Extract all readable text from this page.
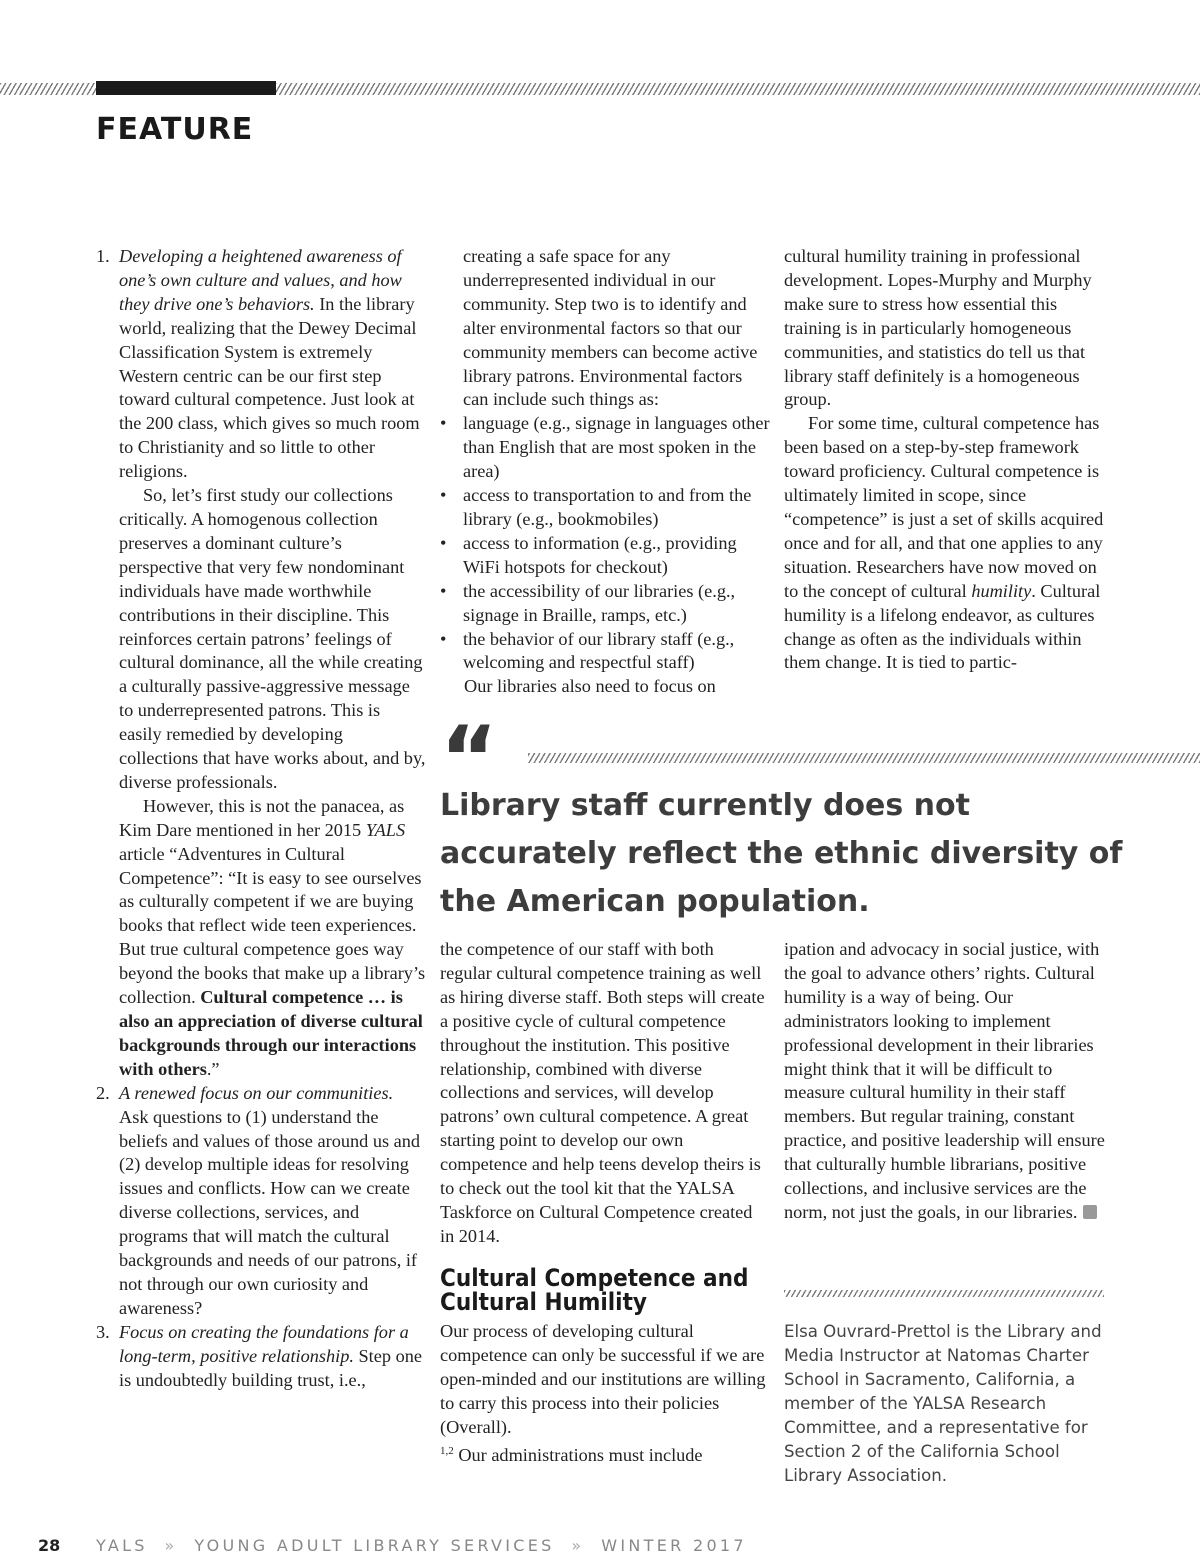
FEATURE
1. Developing a heightened awareness of one’s own culture and values, and how they drive one’s behaviors. In the library world, realizing that the Dewey Decimal Classification System is extremely Western centric can be our first step toward cultural competence. Just look at the 200 class, which gives so much room to Christianity and so little to other religions.

So, let’s first study our collections critically. A homogenous collection preserves a dominant culture’s perspective that very few nondominant individuals have made worthwhile contributions in their discipline. This reinforces certain patrons’ feelings of cultural dominance, all the while creating a culturally passive-aggressive message to underrepresented patrons. This is easily remedied by developing collections that have works about, and by, diverse professionals.

However, this is not the panacea, as Kim Dare mentioned in her 2015 YALS article “Adventures in Cultural Competence”: “It is easy to see ourselves as culturally competent if we are buying books that reflect wide teen experiences. But true cultural competence goes way beyond the books that make up a library’s collection. Cultural competence … is also an appreciation of diverse cultural backgrounds through our interactions with others.”

2. A renewed focus on our communities. Ask questions to (1) understand the beliefs and values of those around us and (2) develop multiple ideas for resolving issues and conflicts. How can we create diverse collections, services, and programs that will match the cultural backgrounds and needs of our patrons, if not through our own curiosity and awareness?
3. Focus on creating the foundations for a long-term, positive relationship. Step one is undoubtedly building trust, i.e.,

creating a safe space for any underrepresented individual in our community. Step two is to identify and alter environmental factors so that our community members can become active library patrons. Environmental factors can include such things as:

• language (e.g., signage in languages other than English that are most spoken in the area)
• access to transportation to and from the library (e.g., bookmobiles)
• access to information (e.g., providing WiFi hotspots for checkout)
• the accessibility of our libraries (e.g., signage in Braille, ramps, etc.)
• the behavior of our library staff (e.g., welcoming and respectful staff)

Our libraries also need to focus on

cultural humility training in professional development. Lopes-Murphy and Murphy make sure to stress how essential this training is in particularly homogeneous communities, and statistics do tell us that library staff definitely is a homogeneous group.

For some time, cultural competence has been based on a step-by-step framework toward proficiency. Cultural competence is ultimately limited in scope, since “competence” is just a set of skills acquired once and for all, and that one applies to any situation. Researchers have now moved on to the concept of cultural humility. Cultural humility is a lifelong endeavor, as cultures change as often as the individuals within them change. It is tied to partic-

“

Library staff currently does not accurately reflect the ethnic diversity of the American population.

the competence of our staff with both regular cultural competence training as well as hiring diverse staff. Both steps will create a positive cycle of cultural competence throughout the institution. This positive relationship, combined with diverse collections and services, will develop patrons’ own cultural competence. A great starting point to develop our own competence and help teens develop theirs is to check out the tool kit that the YALSA Taskforce on Cultural Competence created in 2014.

Cultural Competence and Cultural Humility

Our process of developing cultural competence can only be successful if we are open-minded and our institutions are willing to carry this process into their policies (Overall).
$^{1,2}$ Our administrations must include

ipation and advocacy in social justice, with the goal to advance others’ rights. Cultural humility is a way of being. Our administrators looking to implement professional development in their libraries might think that it will be difficult to measure cultural humility in their staff members. But regular training, constant practice, and positive leadership will ensure that culturally humble librarians, positive collections, and inclusive services are the norm, not just the goals, in our libraries.

Elsa Ouvrard-Prettol is the Library and Media Instructor at Natomas Charter School in Sacramento, California, a member of the YALSA Research Committee, and a representative for Section 2 of the California School Library Association.

28 YALS » YOUNG ADULT LIBRARY SERVICES » WINTER 2017
